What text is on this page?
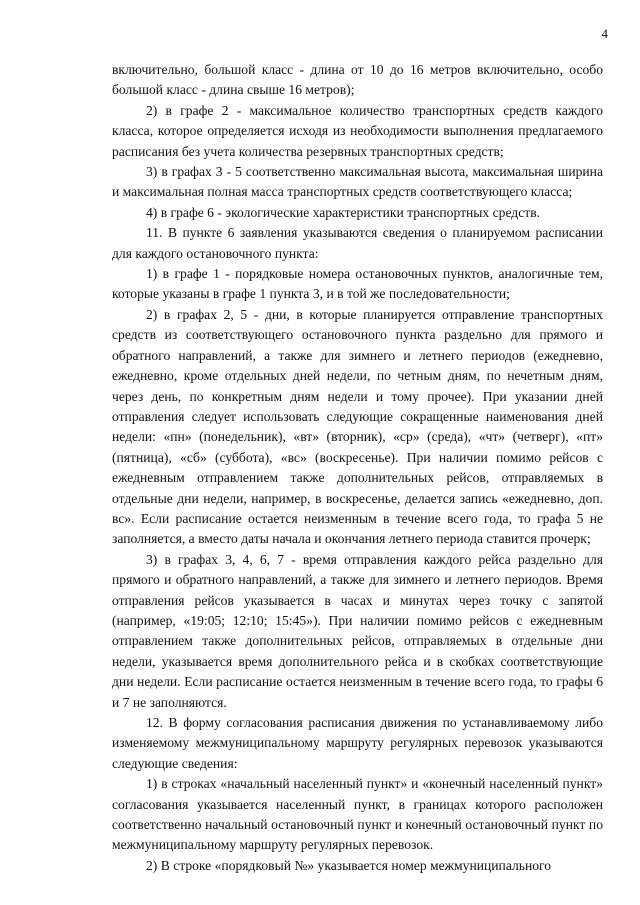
4

включительно, большой класс - длина от 10 до 16 метров включительно, особо большой класс - длина свыше 16 метров);

2) в графе 2 - максимальное количество транспортных средств каждого класса, которое определяется исходя из необходимости выполнения предлагаемого расписания без учета количества резервных транспортных средств;

3) в графах 3 - 5 соответственно максимальная высота, максимальная ширина и максимальная полная масса транспортных средств соответствующего класса;

4) в графе 6 - экологические характеристики транспортных средств.

11. В пункте 6 заявления указываются сведения о планируемом расписании для каждого остановочного пункта:

1) в графе 1 - порядковые номера остановочных пунктов, аналогичные тем, которые указаны в графе 1 пункта 3, и в той же последовательности;

2) в графах 2, 5 - дни, в которые планируется отправление транспортных средств из соответствующего остановочного пункта раздельно для прямого и обратного направлений, а также для зимнего и летнего периодов (ежедневно, ежедневно, кроме отдельных дней недели, по четным дням, по нечетным дням, через день, по конкретным дням недели и тому прочее). При указании дней отправления следует использовать следующие сокращенные наименования дней недели: «пн» (понедельник), «вт» (вторник), «ср» (среда), «чт» (четверг), «пт» (пятница), «сб» (суббота), «вс» (воскресенье). При наличии помимо рейсов с ежедневным отправлением также дополнительных рейсов, отправляемых в отдельные дни недели, например, в воскресенье, делается запись «ежедневно, доп. вс». Если расписание остается неизменным в течение всего года, то графа 5 не заполняется, а вместо даты начала и окончания летнего периода ставится прочерк;

3) в графах 3, 4, 6, 7 - время отправления каждого рейса раздельно для прямого и обратного направлений, а также для зимнего и летнего периодов. Время отправления рейсов указывается в часах и минутах через точку с запятой (например, «19:05; 12:10; 15:45»). При наличии помимо рейсов с ежедневным отправлением также дополнительных рейсов, отправляемых в отдельные дни недели, указывается время дополнительного рейса и в скобках соответствующие дни недели. Если расписание остается неизменным в течение всего года, то графы 6 и 7 не заполняются.

12. В форму согласования расписания движения по устанавливаемому либо изменяемому межмуниципальному маршруту регулярных перевозок указываются следующие сведения:

1) в строках «начальный населенный пункт» и «конечный населенный пункт» согласования указывается населенный пункт, в границах которого расположен соответственно начальный остановочный пункт и конечный остановочный пункт по межмуниципальному маршруту регулярных перевозок.

2) В строке «порядковый №» указывается номер межмуниципального
